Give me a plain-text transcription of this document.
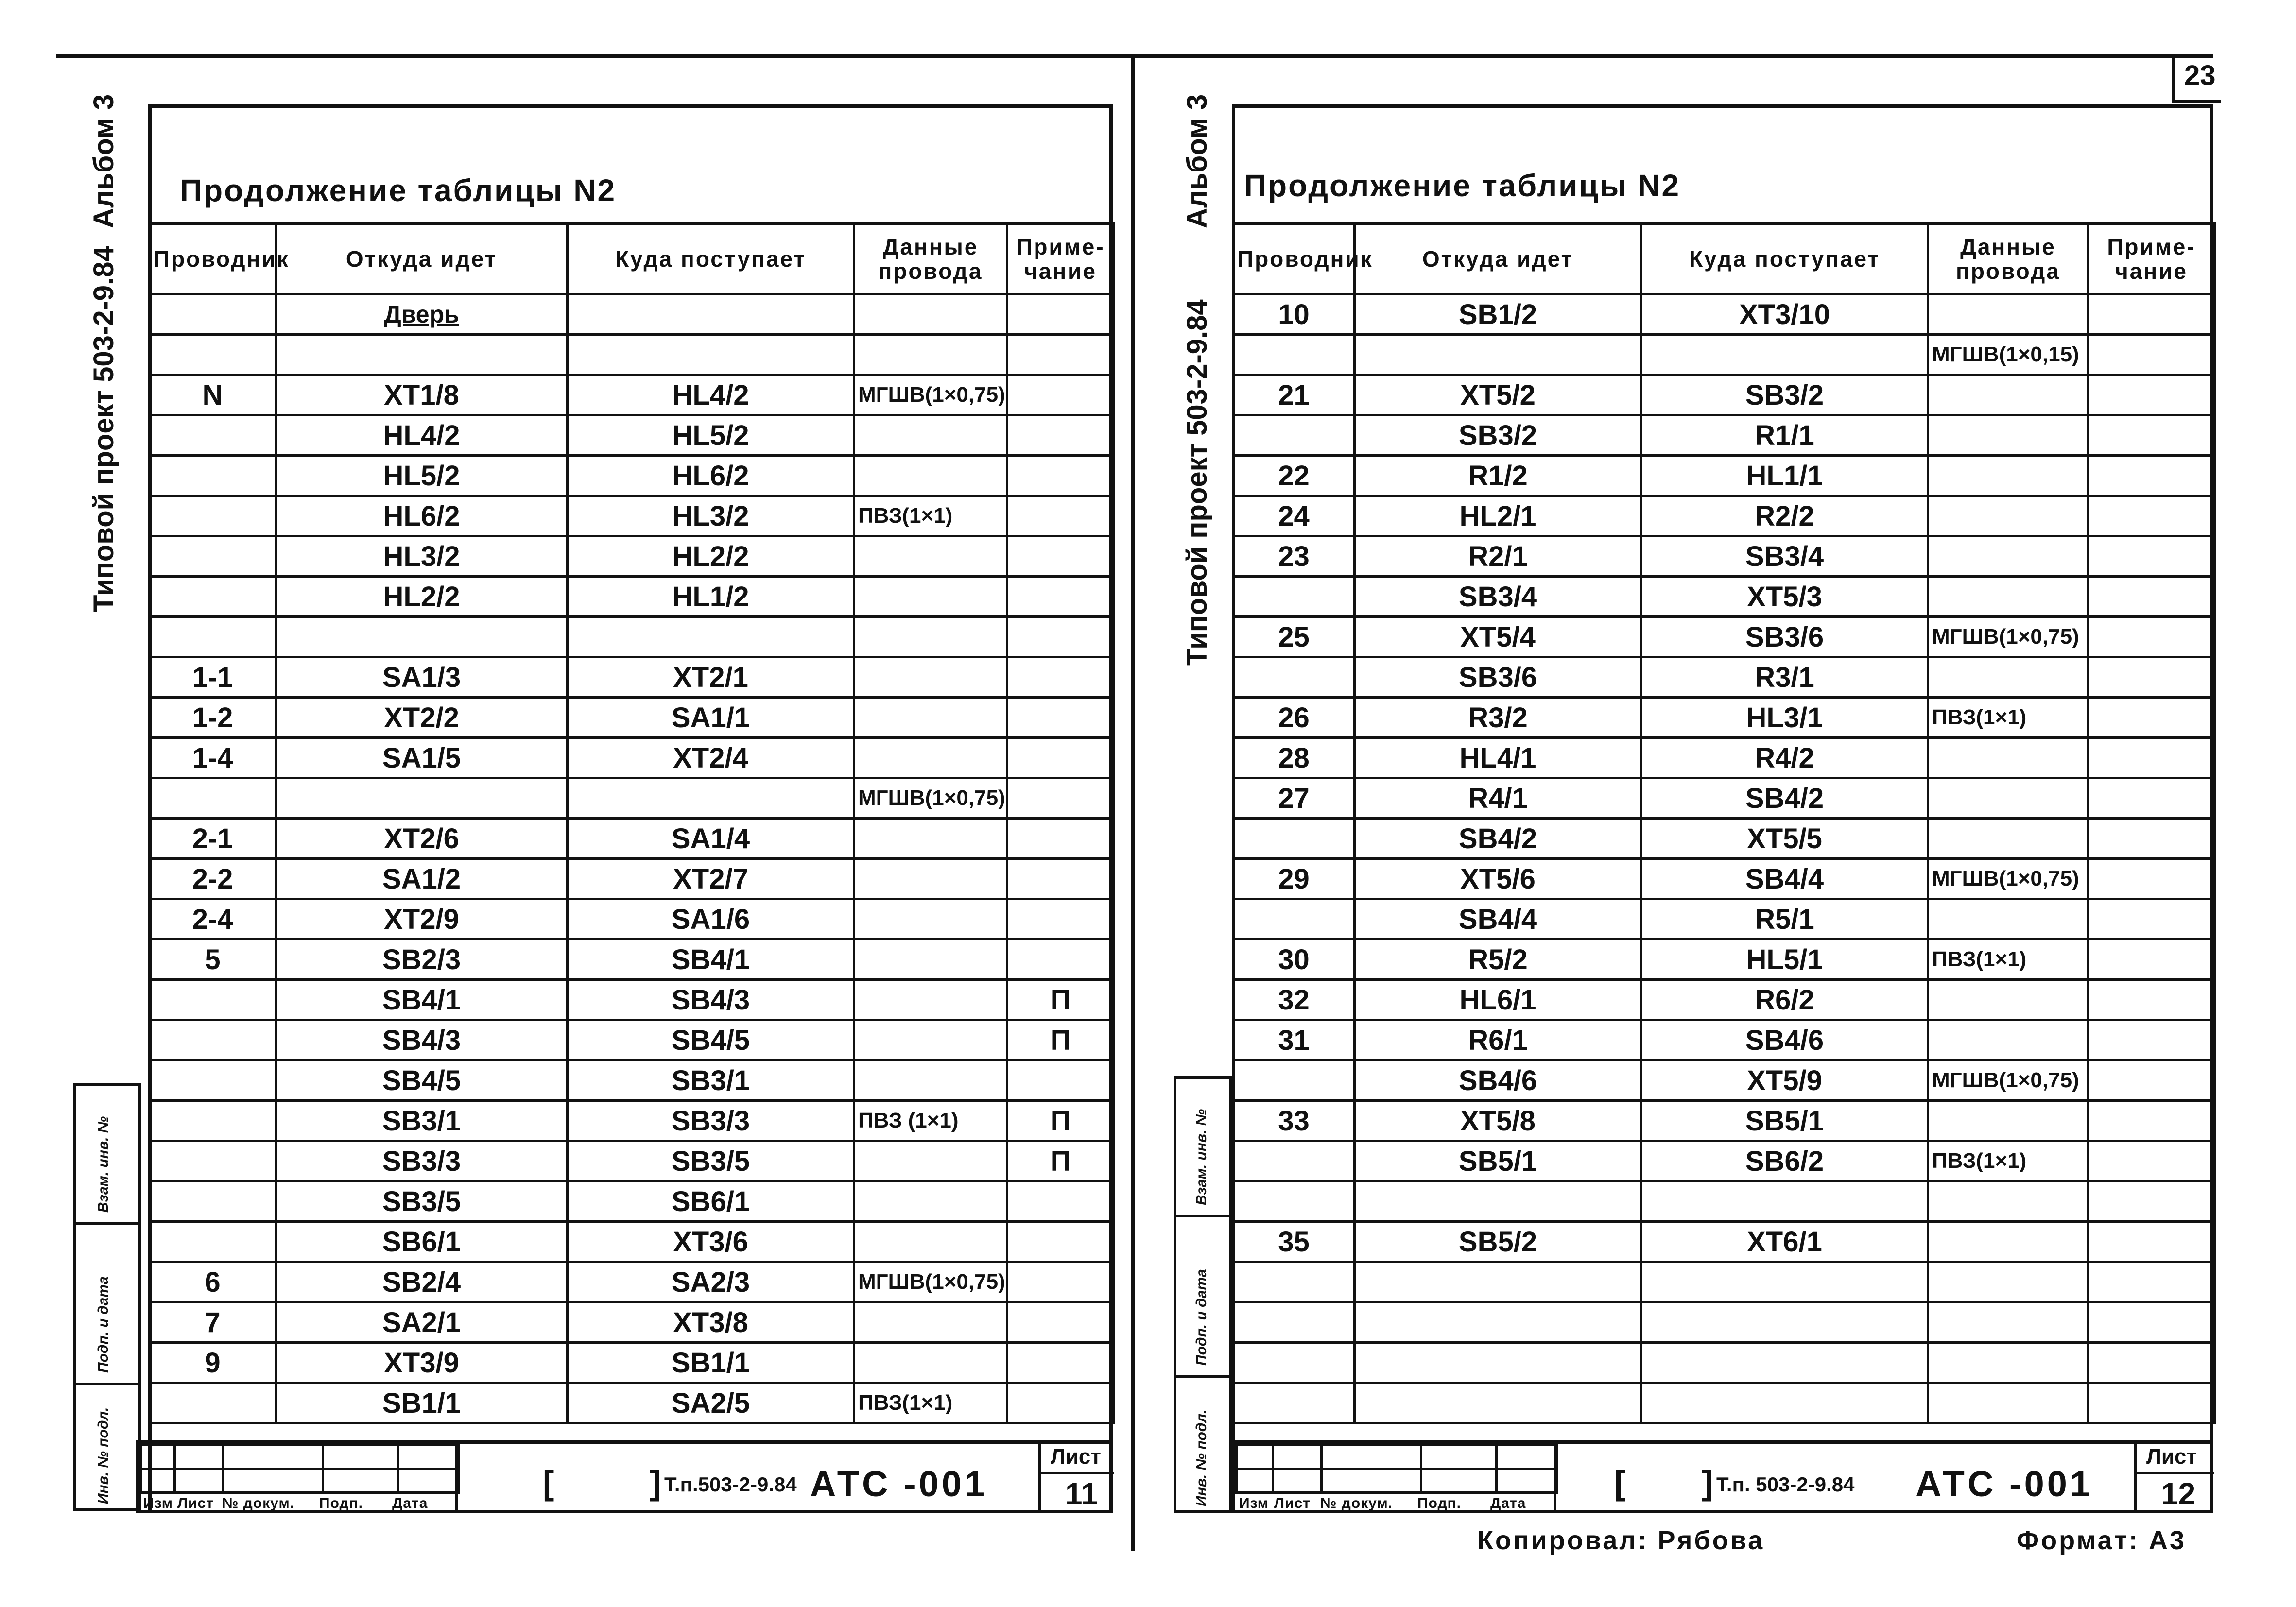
23
Альбом 3
Типовой проект 503-2-9.84
Продолжение таблицы N2
Проводник	Откуда идет	Куда поступает	Данные провода	Приме-чание
	Дверь			

N	XT1/8	HL4/2	МГШВ(1×0,75)	
	HL4/2	HL5/2		
	HL5/2	HL6/2		
	HL6/2	HL3/2	ПВЗ(1×1)	
	HL3/2	HL2/2		
	HL2/2	HL1/2		

1-1	SA1/3	XT2/1		
1-2	XT2/2	SA1/1		
1-4	SA1/5	XT2/4		
			МГШВ(1×0,75)	
2-1	XT2/6	SA1/4		
2-2	SA1/2	XT2/7		
2-4	XT2/9	SA1/6		
5	SB2/3	SB4/1		
	SB4/1	SB4/3		П
	SB4/3	SB4/5		П
	SB4/5	SB3/1		
	SB3/1	SB3/3	ПВЗ (1×1)	П
	SB3/3	SB3/5		П
	SB3/5	SB6/1		
	SB6/1	XT3/6		
6	SB2/4	SA2/3	МГШВ(1×0,75)	
7	SA2/1	XT3/8		
9	XT3/9	SB1/1		
	SB1/1	SA2/5	ПВЗ(1×1)	
Взам. инв. №
Подп. и дата
Инв. № подл.

				Изм Лист № докум. Подп. Дата
[	] Т.п.503-2-9.84 АТС -001
Лист
11
Альбом 3
Типовой проект 503-2-9.84
Продолжение таблицы N2
Проводник	Откуда идет	Куда поступает	Данные провода	Приме-чание
10	SB1/2	XT3/10		
			МГШВ(1×0,15)	
21	XT5/2	SB3/2		
	SB3/2	R1/1		
22	R1/2	HL1/1		
24	HL2/1	R2/2		
23	R2/1	SB3/4		
	SB3/4	XT5/3		
25	XT5/4	SB3/6	МГШВ(1×0,75)	
	SB3/6	R3/1		
26	R3/2	HL3/1	ПВЗ(1×1)	
28	HL4/1	R4/2		
27	R4/1	SB4/2		
	SB4/2	XT5/5		
29	XT5/6	SB4/4	МГШВ(1×0,75)	
	SB4/4	R5/1		
30	R5/2	HL5/1	ПВЗ(1×1)	
32	HL6/1	R6/2		
31	R6/1	SB4/6		
	SB4/6	XT5/9	МГШВ(1×0,75)	
33	XT5/8	SB5/1		
	SB5/1	SB6/2	ПВЗ(1×1)	

35	SB5/2	XT6/1		

Взам. инв. №
Подп. и дата
Инв. № подл.

				Изм Лист № докум. Подп. Дата
[ ] Т.п. 503-2-9.84 АТС -001
Лист
12
Копировал: Рябова	Формат: А3
